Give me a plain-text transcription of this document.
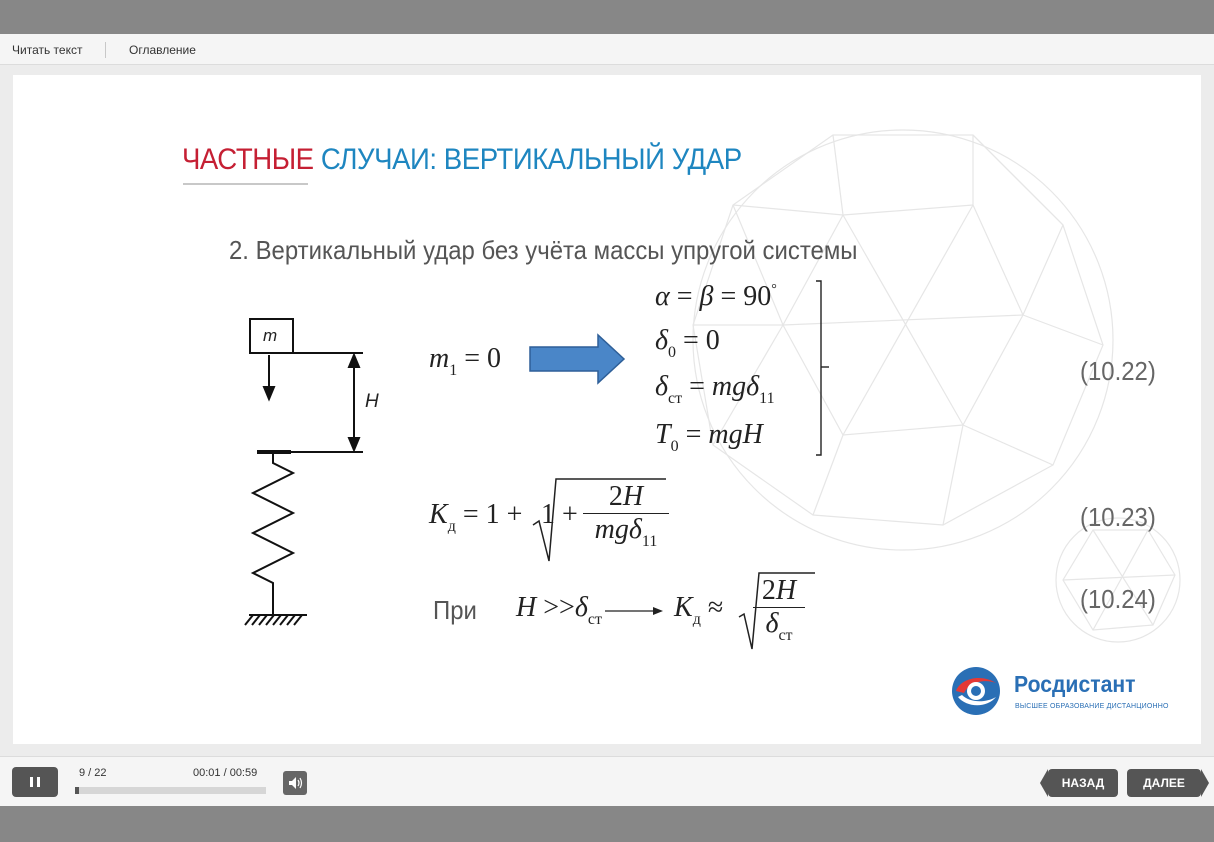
Читать текст	Оглавление
ЧАСТНЫЕ СЛУЧАИ: ВЕРТИКАЛЬНЫЙ УДАР
2. Вертикальный удар без учёта массы упругой системы
m
H
$m_1 = 0$
α = β = 90°
$\delta_0 = 0$
$\delta_{ст} = mg\delta_{11}$
$T_0$ = mgH
$K_д = 1 + 1$ +
2H
mgδ$_{11}$
При $H >>\delta_{ст}$	$K_д$ ≈
2H
$\delta_{ст}$
(10.22)
(10.23)
(10.24)
Росдистант
ВЫСШЕЕ ОБРАЗОВАНИЕ ДИСТАНЦИОННО
9 / 22	00:01 / 00:59
НАЗАД	ДАЛЕЕ
